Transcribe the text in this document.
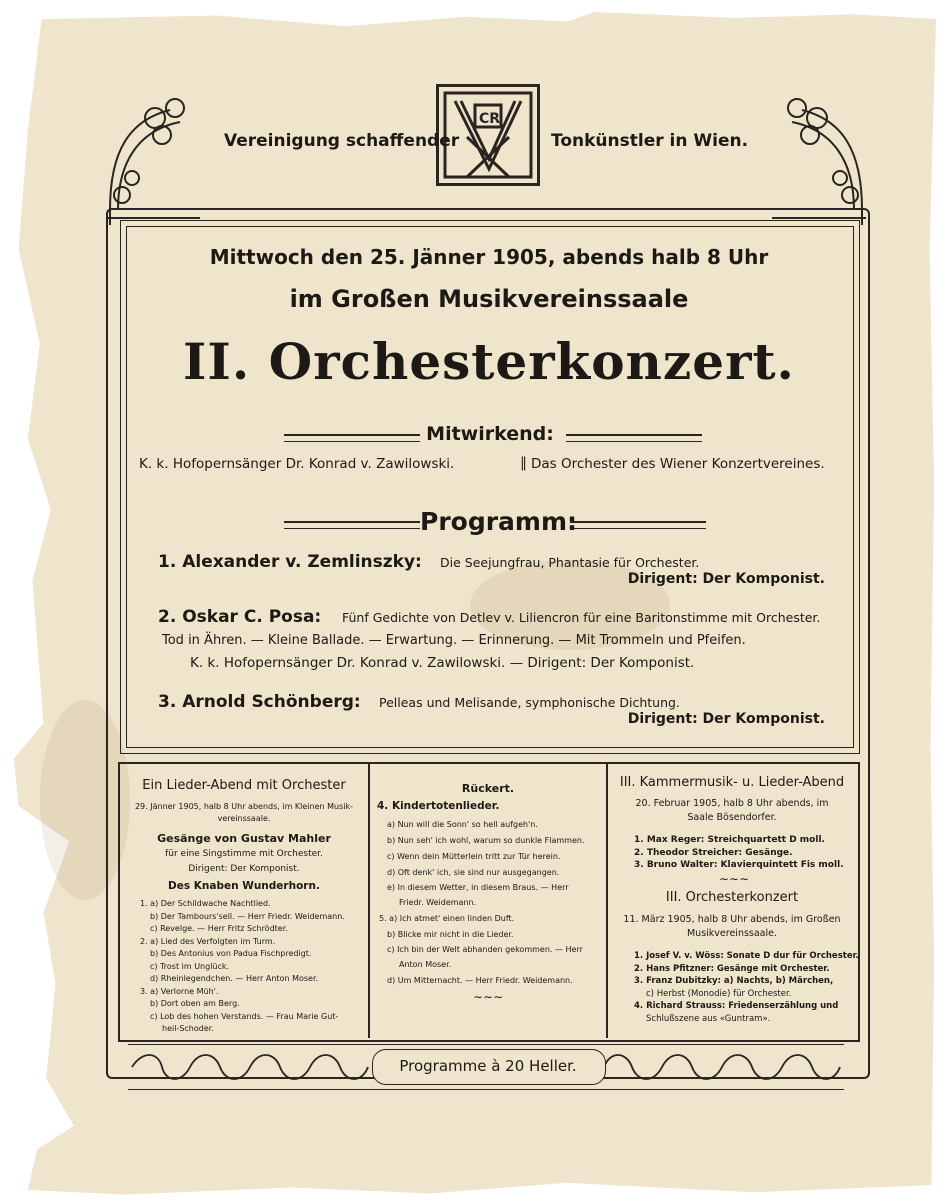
CR
Vereinigung schaffender	Tonkünstler in Wien.
Mittwoch den 25. Jänner 1905, abends halb 8 Uhr
im Großen Musikvereinssaale
II. Orchesterkonzert.
Mitwirkend:
K. k. Hofopernsänger Dr. Konrad v. Zawilowski.	‖ Das Orchester des Wiener Konzertvereines.
Programm:
1. Alexander v. Zemlinszky: Die Seejungfrau, Phantasie für Orchester.
Dirigent: Der Komponist.
2. Oskar C. Posa: Fünf Gedichte von Detlev v. Liliencron für eine Baritonstimme mit Orchester.
Tod in Ähren. — Kleine Ballade. — Erwartung. — Erinnerung. — Mit Trommeln und Pfeifen.
K. k. Hofopernsänger Dr. Konrad v. Zawilowski. — Dirigent: Der Komponist.
3. Arnold Schönberg: Pelleas und Melisande, symphonische Dichtung.
Dirigent: Der Komponist.
Ein Lieder-Abend mit Orchester
29. Jänner 1905, halb 8 Uhr abends, im Kleinen Musik-
vereinssaale.
Gesänge von Gustav Mahler
für eine Singstimme mit Orchester.
Dirigent: Der Komponist.
Des Knaben Wunderhorn.
1. a) Der Schildwache Nachtlied.
b) Der Tambours'sell. — Herr Friedr. Weidemann.
c) Revelge. — Herr Fritz Schrödter.
2. a) Lied des Verfolgten im Turm.
b) Des Antonius von Padua Fischpredigt.
c) Trost im Unglück.
d) Rheinlegendchen. — Herr Anton Moser.
3. a) Verlorne Müh'.
b) Dort oben am Berg.
c) Lob des hohen Verstands. — Frau Marie Gut-
heil-Schoder.
Rückert.
4. Kindertotenlieder.
a) Nun will die Sonn' so hell aufgeh'n.
b) Nun seh' ich wohl, warum so dunkle Flammen.
c) Wenn dein Mütterlein tritt zur Tür herein.
d) Oft denk' ich, sie sind nur ausgegangen.
e) In diesem Wetter, in diesem Braus. — Herr
Friedr. Weidemann.
5. a) Ich atmet' einen linden Duft.
b) Blicke mir nicht in die Lieder.
c) Ich bin der Welt abhanden gekommen. — Herr
Anton Moser.
d) Um Mitternacht. — Herr Friedr. Weidemann.
∼∼∼
III. Kammermusik- u. Lieder-Abend
20. Februar 1905, halb 8 Uhr abends, im
Saale Bösendorfer.
1. Max Reger: Streichquartett D moll.
2. Theodor Streicher: Gesänge.
3. Bruno Walter: Klavierquintett Fis moll.
∼∼∼
III. Orchesterkonzert
11. März 1905, halb 8 Uhr abends, im Großen
Musikvereinssaale.
1. Josef V. v. Wöss: Sonate D dur für Orchester.
2. Hans Pfitzner: Gesänge mit Orchester.
3. Franz Dubitzky: a) Nachts, b) Märchen,
c) Herbst (Monodie) für Orchester.
4. Richard Strauss: Friedenserzählung und
Schlußszene aus «Guntram».
Programme à 20 Heller.
